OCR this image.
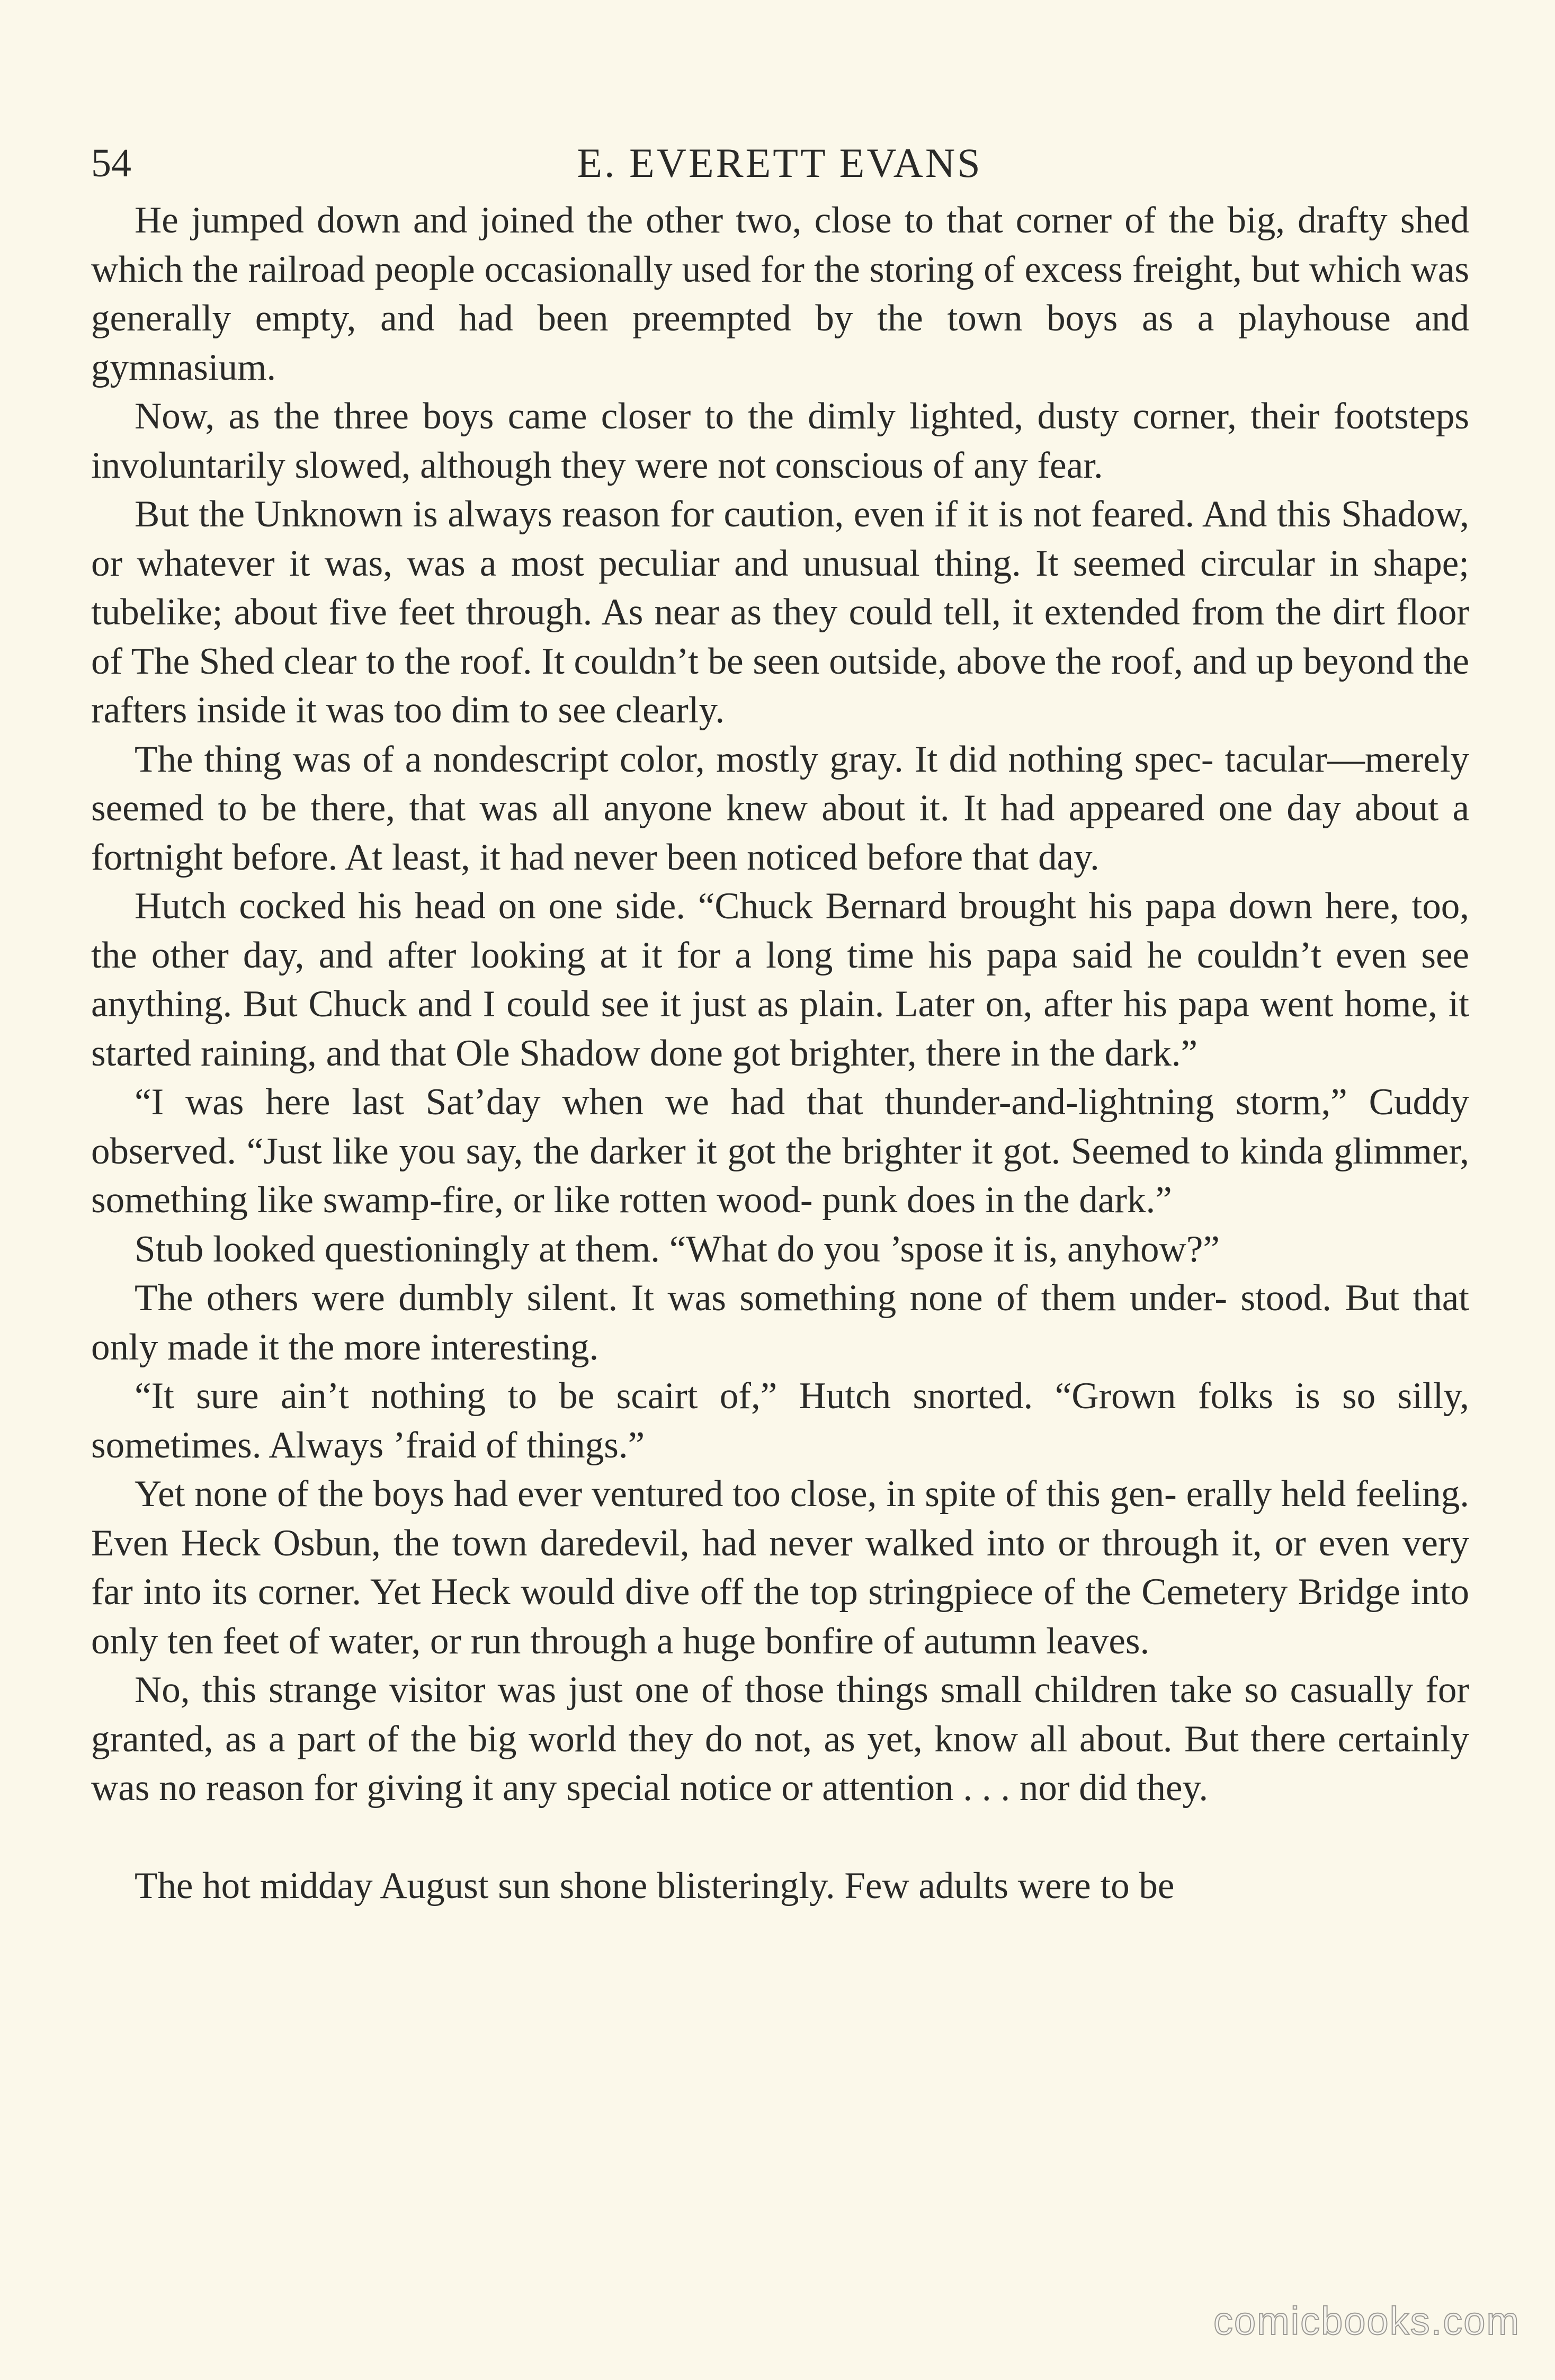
54	E. EVERETT EVANS

He jumped down and joined the other two, close to that corner of the big, drafty shed which the railroad people occasionally used for the storing of excess freight, but which was generally empty, and had been preempted by the town boys as a playhouse and gymnasium.

Now, as the three boys came closer to the dimly lighted, dusty corner, their footsteps involuntarily slowed, although they were not conscious of any fear.

But the Unknown is always reason for caution, even if it is not feared. And this Shadow, or whatever it was, was a most peculiar and unusual thing. It seemed circular in shape; tubelike; about five feet through. As near as they could tell, it extended from the dirt floor of The Shed clear to the roof. It couldn’t be seen outside, above the roof, and up beyond the rafters inside it was too dim to see clearly.

The thing was of a nondescript color, mostly gray. It did nothing spec- tacular—merely seemed to be there, that was all anyone knew about it. It had appeared one day about a fortnight before. At least, it had never been noticed before that day.

Hutch cocked his head on one side. “Chuck Bernard brought his papa down here, too, the other day, and after looking at it for a long time his papa said he couldn’t even see anything. But Chuck and I could see it just as plain. Later on, after his papa went home, it started raining, and that Ole Shadow done got brighter, there in the dark.”

“I was here last Sat’day when we had that thunder-and-lightning storm,” Cuddy observed. “Just like you say, the darker it got the brighter it got. Seemed to kinda glimmer, something like swamp-fire, or like rotten wood- punk does in the dark.”

Stub looked questioningly at them. “What do you ’spose it is, anyhow?”

The others were dumbly silent. It was something none of them under- stood. But that only made it the more interesting.

“It sure ain’t nothing to be scairt of,” Hutch snorted. “Grown folks is so silly, sometimes. Always ’fraid of things.”

Yet none of the boys had ever ventured too close, in spite of this gen- erally held feeling. Even Heck Osbun, the town daredevil, had never walked into or through it, or even very far into its corner. Yet Heck would dive off the top stringpiece of the Cemetery Bridge into only ten feet of water, or run through a huge bonfire of autumn leaves.

No, this strange visitor was just one of those things small children take so casually for granted, as a part of the big world they do not, as yet, know all about. But there certainly was no reason for giving it any special notice or attention . . . nor did they.

The hot midday August sun shone blisteringly. Few adults were to be

comicbooks.com
